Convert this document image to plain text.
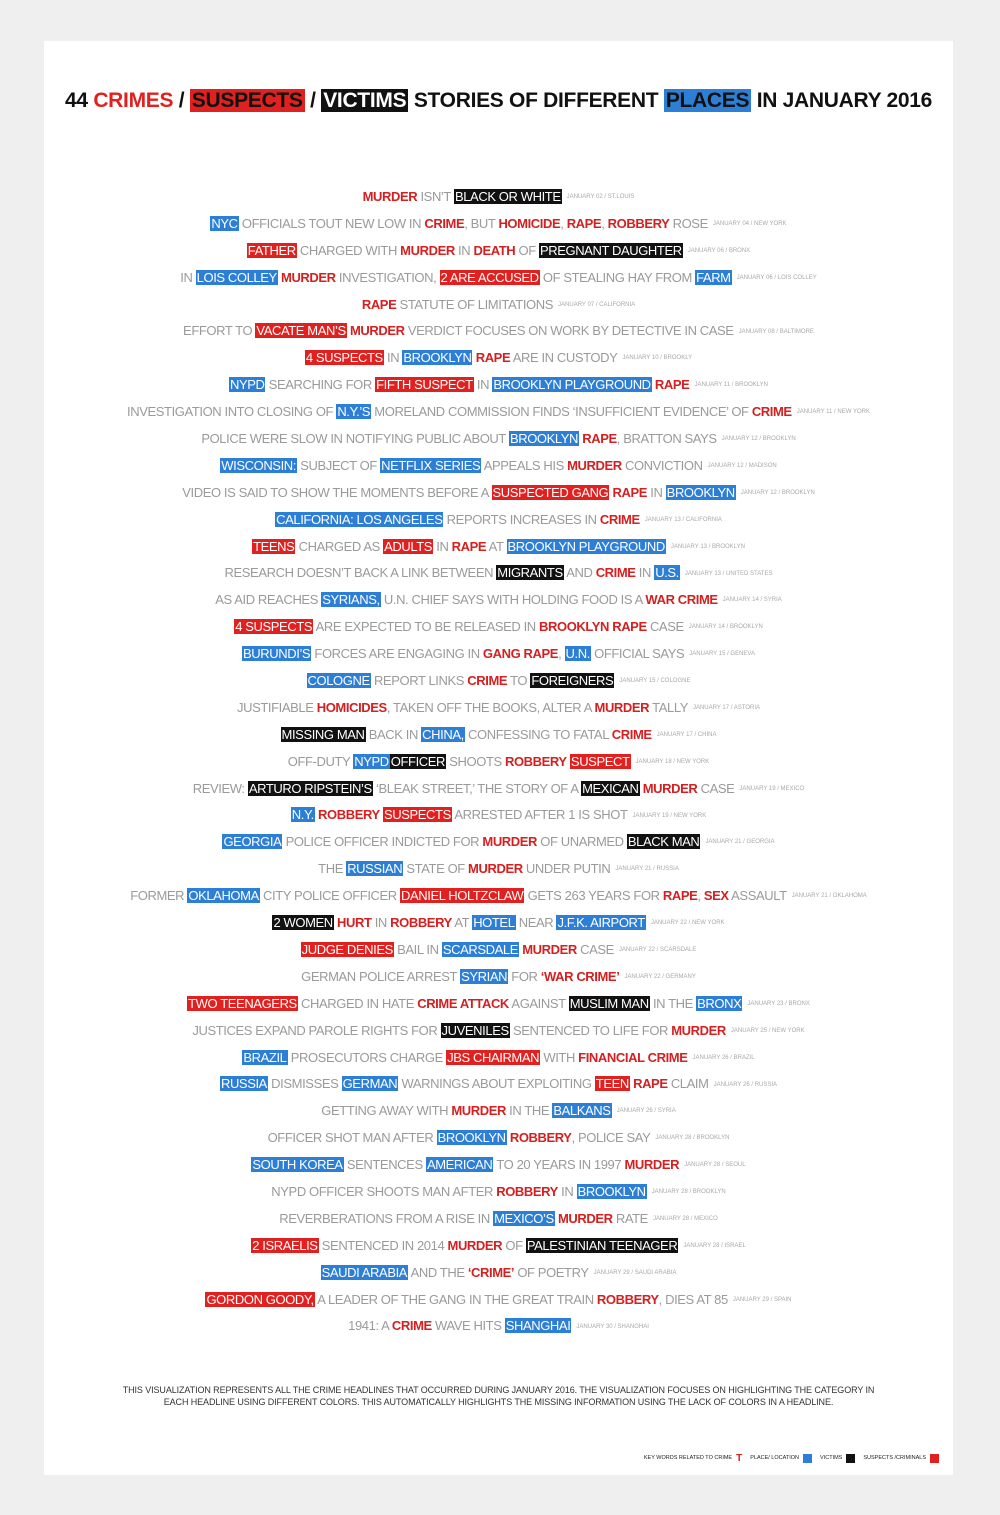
44 CRIMES / SUSPECTS / VICTIMS STORIES OF DIFFERENT PLACES IN JANUARY 2016
MURDER ISN’T BLACK OR WHITE JANUARY 02 / ST.LOUIS
NYC OFFICIALS TOUT NEW LOW IN CRIME, BUT HOMICIDE, RAPE, ROBBERY ROSE JANUARY 04 / NEW YORK
FATHER CHARGED WITH MURDER IN DEATH OF PREGNANT DAUGHTER JANUARY 06 / BRONX
IN LOIS COLLEY MURDER INVESTIGATION, 2 ARE ACCUSED OF STEALING HAY FROM FARM JANUARY 06 / LOIS COLLEY
RAPE STATUTE OF LIMITATIONS JANUARY 07 / CALIFORNIA
EFFORT TO VACATE MAN’S MURDER VERDICT FOCUSES ON WORK BY DETECTIVE IN CASE JANUARY 08 / BALTIMORE
4 SUSPECTS IN BROOKLYN RAPE ARE IN CUSTODY JANUARY 10 / BROOKLY
NYPD SEARCHING FOR FIFTH SUSPECT IN BROOKLYN PLAYGROUND RAPE JANUARY 11 / BROOKLYN
INVESTIGATION INTO CLOSING OF N.Y.’S MORELAND COMMISSION FINDS ‘INSUFFICIENT EVIDENCE’ OF CRIME JANUARY 11 / NEW YORK
POLICE WERE SLOW IN NOTIFYING PUBLIC ABOUT BROOKLYN RAPE, BRATTON SAYS JANUARY 12 / BROOKLYN
WISCONSIN: SUBJECT OF NETFLIX SERIES APPEALS HIS MURDER CONVICTION JANUARY 12 / MADISON
VIDEO IS SAID TO SHOW THE MOMENTS BEFORE A SUSPECTED GANG RAPE IN BROOKLYN JANUARY 12 / BROOKLYN
CALIFORNIA: LOS ANGELES REPORTS INCREASES IN CRIME JANUARY 13 / CALIFORNIA
TEENS CHARGED AS ADULTS IN RAPE AT BROOKLYN PLAYGROUND JANUARY 13 / BROOKLYN
RESEARCH DOESN’T BACK A LINK BETWEEN MIGRANTS AND CRIME IN U.S. JANUARY 13 / UNITED STATES
AS AID REACHES SYRIANS, U.N. CHIEF SAYS WITH HOLDING FOOD IS A WAR CRIME JANUARY 14 / SYRIA
4 SUSPECTS ARE EXPECTED TO BE RELEASED IN BROOKLYN RAPE CASE JANUARY 14 / BROOKLYN
BURUNDI’S FORCES ARE ENGAGING IN GANG RAPE, U.N. OFFICIAL SAYS JANUARY 15 / GENEVA
COLOGNE REPORT LINKS CRIME TO FOREIGNERS JANUARY 15 / COLOGNE
JUSTIFIABLE HOMICIDES, TAKEN OFF THE BOOKS, ALTER A MURDER TALLY JANUARY 17 / ASTORIA
MISSING MAN BACK IN CHINA, CONFESSING TO FATAL CRIME JANUARY 17 / CHINA
OFF-DUTY NYPD OFFICER SHOOTS ROBBERY SUSPECT JANUARY 18 / NEW YORK
REVIEW: ARTURO RIPSTEIN’S ‘BLEAK STREET,’ THE STORY OF A MEXICAN MURDER CASE JANUARY 19 / MEXICO
N.Y. ROBBERY SUSPECTS ARRESTED AFTER 1 IS SHOT JANUARY 19 / NEW YORK
GEORGIA POLICE OFFICER INDICTED FOR MURDER OF UNARMED BLACK MAN JANUARY 21 / GEORGIA
THE RUSSIAN STATE OF MURDER UNDER PUTIN JANUARY 21 / RUSSIA
FORMER OKLAHOMA CITY POLICE OFFICER DANIEL HOLTZCLAW GETS 263 YEARS FOR RAPE, SEX ASSAULT JANUARY 21 / OKLAHOMA
2 WOMEN HURT IN ROBBERY AT HOTEL NEAR J.F.K. AIRPORT JANUARY 22 / NEW YORK
JUDGE DENIES BAIL IN SCARSDALE MURDER CASE JANUARY 22 / SCARSDALE
GERMAN POLICE ARREST SYRIAN FOR ‘WAR CRIME’ JANUARY 22 / GERMANY
TWO TEENAGERS CHARGED IN HATE CRIME ATTACK AGAINST MUSLIM MAN IN THE BRONX JANUARY 23 / BRONX
JUSTICES EXPAND PAROLE RIGHTS FOR JUVENILES SENTENCED TO LIFE FOR MURDER JANUARY 25 / NEW YORK
BRAZIL PROSECUTORS CHARGE JBS CHAIRMAN WITH FINANCIAL CRIME JANUARY 26 / BRAZIL
RUSSIA DISMISSES GERMAN WARNINGS ABOUT EXPLOITING TEEN RAPE CLAIM JANUARY 26 / RUSSIA
GETTING AWAY WITH MURDER IN THE BALKANS JANUARY 26 / SYRIA
OFFICER SHOT MAN AFTER BROOKLYN ROBBERY, POLICE SAY JANUARY 28 / BROOKLYN
SOUTH KOREA SENTENCES AMERICAN TO 20 YEARS IN 1997 MURDER JANUARY 28 / SEOUL
NYPD OFFICER SHOOTS MAN AFTER ROBBERY IN BROOKLYN JANUARY 28 / BROOKLYN
REVERBERATIONS FROM A RISE IN MEXICO’S MURDER RATE JANUARY 28 / MEXICO
2 ISRAELIS SENTENCED IN 2014 MURDER OF PALESTINIAN TEENAGER JANUARY 28 / ISRAEL
SAUDI ARABIA AND THE ‘CRIME’ OF POETRY JANUARY 29 / SAUDI ARABIA
GORDON GOODY, A LEADER OF THE GANG IN THE GREAT TRAIN ROBBERY, DIES AT 85 JANUARY 29 / SPAIN
1941: A CRIME WAVE HITS SHANGHAI JANUARY 30 / SHANGHAI
THIS VISUALIZATION REPRESENTS ALL THE CRIME HEADLINES THAT OCCURRED DURING JANUARY 2016. THE VISUALIZATION FOCUSES ON HIGHLIGHTING THE CATEGORY IN EACH HEADLINE USING DIFFERENT COLORS. THIS AUTOMATICALLY HIGHLIGHTS THE MISSING INFORMATION USING THE LACK OF COLORS IN A HEADLINE.
KEY WORDS RELATED TO CRIME T PLACE/ LOCATION	VICTIMS	SUSPECTS /CRIMINALS
